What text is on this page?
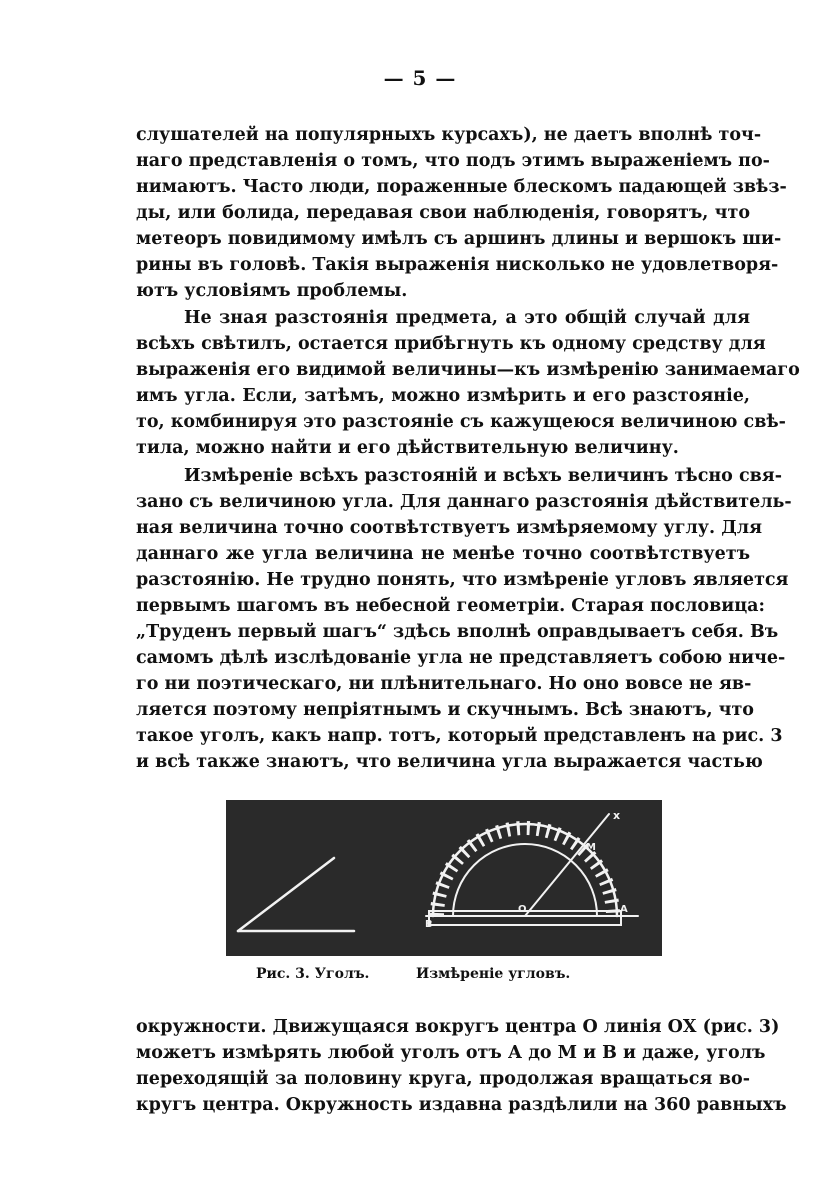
— 5 —
слушателей на популярныхъ курсахъ), не даетъ вполнѣ точ-
наго представленія о томъ, что подъ этимъ выраженіемъ по-
нимаютъ. Часто люди, пораженные блескомъ падающей звѣз-
ды, или болида, передавая свои наблюденія, говорятъ, что
метеоръ повидимому имѣлъ съ аршинъ длины и вершокъ ши-
рины въ головѣ. Такія выраженія нисколько не удовлетворя-
ютъ условіямъ проблемы.
Не зная разстоянія предмета, а это общій случай для
всѣхъ свѣтилъ, остается прибѣгнуть къ одному средству для
выраженія его видимой величины—къ измѣренію занимаемаго
имъ угла. Если, затѣмъ, можно измѣрить и его разстояніе,
то, комбинируя это разстояніе съ кажущеюся величиною свѣ-
тила, можно найти и его дѣйствительную величину.
Измѣреніе всѣхъ разстояній и всѣхъ величинъ тѣсно свя-
зано съ величиною угла. Для даннаго разстоянія дѣйствитель-
ная величина точно соотвѣтствуетъ измѣряемому углу. Для
даннаго же угла величина не менѣе точно соотвѣтствуетъ
разстоянію. Не трудно понять, что измѣреніе угловъ является
первымъ шагомъ въ небесной геометріи. Старая пословица:
„Труденъ первый шагъ“ здѣсь вполнѣ оправдываетъ себя. Въ
самомъ дѣлѣ изслѣдованіе угла не представляетъ собою ниче-
го ни поэтическаго, ни плѣнительнаго. Но оно вовсе не яв-
ляется поэтому непріятнымъ и скучнымъ. Всѣ знаютъ, что
такое уголъ, какъ напр. тотъ, который представленъ на рис. 3
и всѣ также знаютъ, что величина угла выражается частью
B
O	A
M
x
Рис. 3. Уголъ.	Измѣреніе угловъ.
окружности. Движущаяся вокругъ центра О линія ОХ (рис. 3)
можетъ измѣрять любой уголъ отъ А до М и В и даже, уголъ
переходящій за половину круга, продолжая вращаться во-
кругъ центра. Окружность издавна раздѣлили на 360 равныхъ
